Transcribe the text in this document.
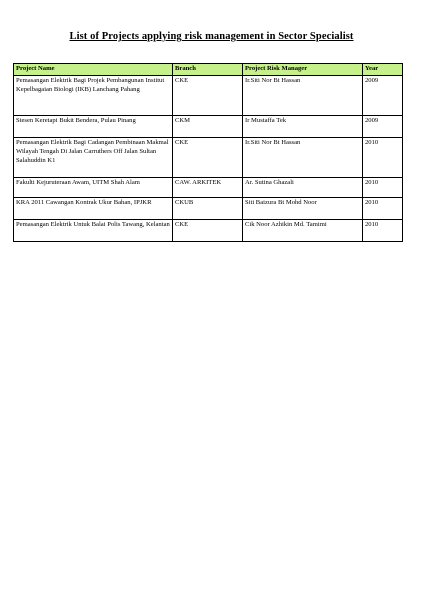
List of Projects applying risk management in Sector Specialist
Project Name	Branch	Project Risk Manager	Year
Pemasangan Elektrik Bagi Projek Pembangunan Institut Kepelbagaian Biologi (IKB) Lanchang Pahang	CKE	Ir.Siti Nor Bt Hassan	2009
Stesen Keretapi Bukit Bendera, Pulau Pinang	CKM	Ir Mustaffa Tek	2009
Pemasangan Elektrik Bagi Cadangan Pembinaan Makmal Wilayah Tengah Di Jalan Carruthers Off Jalan Sultan Salahuddin K1	CKE	Ir.Siti Nor Bt Hassan	2010
Fakulti Kejuruteraan Awam, UITM Shah Alam	CAW. ARKITEK	Ar. Sutina Ghazali	2010
KRA 2011 Cawangan Kontrak Ukur Bahan, IPJKR	CKUB	Siti Baizura Bt Mohd Noor	2010
Pemasangan Elektrik Untuk Balai Polis Tawang, Kelantan	CKE	Cik Noor Azhikin Md. Tamimi	2010
